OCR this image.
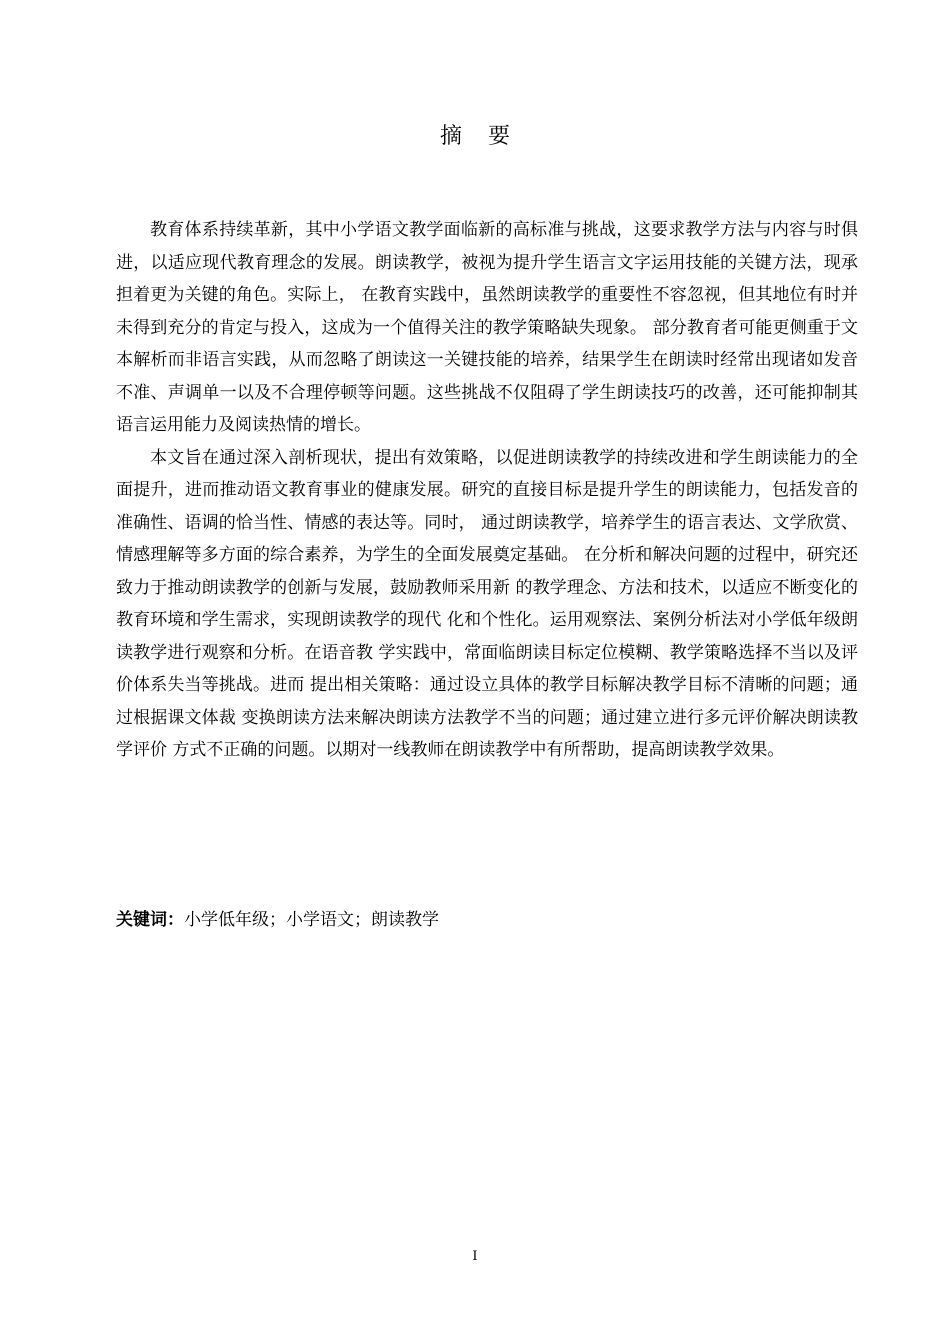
摘要

教育体系持续革新，其中小学语文教学面临新的高标准与挑战，这要求教学方法与内容与时俱进，以适应现代教育理念的发展。朗读教学，被视为提升学生语言文字运用技能的关键方法，现承担着更为关键的角色。实际上， 在教育实践中，虽然朗读教学的重要性不容忽视，但其地位有时并未得到充分的肯定与投入，这成为一个值得关注的教学策略缺失现象。 部分教育者可能更侧重于文本解析而非语言实践，从而忽略了朗读这一关键技能的培养，结果学生在朗读时经常出现诸如发音不准、声调单一以及不合理停顿等问题。这些挑战不仅阻碍了学生朗读技巧的改善，还可能抑制其语言运用能力及阅读热情的增长。

本文旨在通过深入剖析现状，提出有效策略，以促进朗读教学的持续改进和学生朗读能力的全面提升，进而推动语文教育事业的健康发展。研究的直接目标是提升学生的朗读能力，包括发音的准确性、语调的恰当性、情感的表达等。同时， 通过朗读教学，培养学生的语言表达、文学欣赏、情感理解等多方面的综合素养，为学生的全面发展奠定基础。 在分析和解决问题的过程中，研究还致力于推动朗读教学的创新与发展，鼓励教师采用新 的教学理念、方法和技术，以适应不断变化的教育环境和学生需求，实现朗读教学的现代 化和个性化。运用观察法、案例分析法对小学低年级朗读教学进行观察和分析。在语音教 学实践中，常面临朗读目标定位模糊、教学策略选择不当以及评价体系失当等挑战。进而 提出相关策略：通过设立具体的教学目标解决教学目标不清晰的问题；通过根据课文体裁 变换朗读方法来解决朗读方法教学不当的问题；通过建立进行多元评价解决朗读教学评价 方式不正确的问题。以期对一线教师在朗读教学中有所帮助，提高朗读教学效果。

关键词：小学低年级；小学语文；朗读教学
I
